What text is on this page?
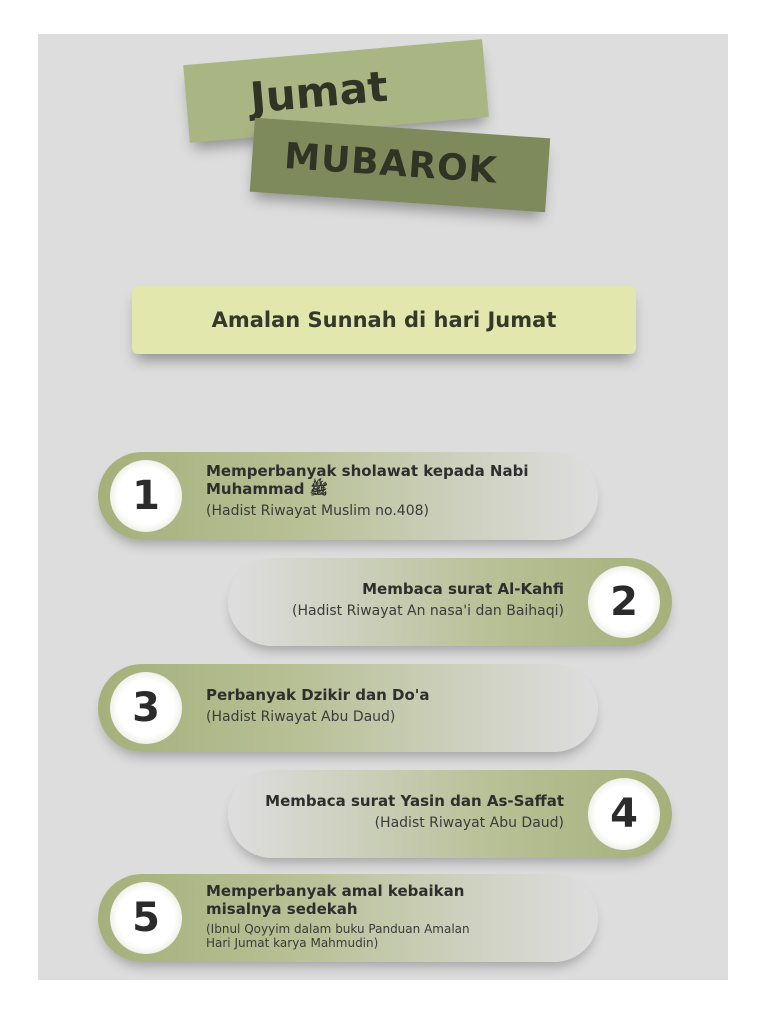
Jumat
MUBAROK
Amalan Sunnah di hari Jumat
1
Memperbanyak sholawat kepada Nabi
Muhammad ﷺ
(Hadist Riwayat Muslim no.408)
2
Membaca surat Al-Kahfi
(Hadist Riwayat An nasa'i dan Baihaqi)
3	Perbanyak Dzikir dan Do'a
(Hadist Riwayat Abu Daud)
4
Membaca surat Yasin dan As-Saffat
(Hadist Riwayat Abu Daud)
5
Memperbanyak amal kebaikan
misalnya sedekah
(Ibnul Qoyyim dalam buku Panduan Amalan
Hari Jumat karya Mahmudin)
